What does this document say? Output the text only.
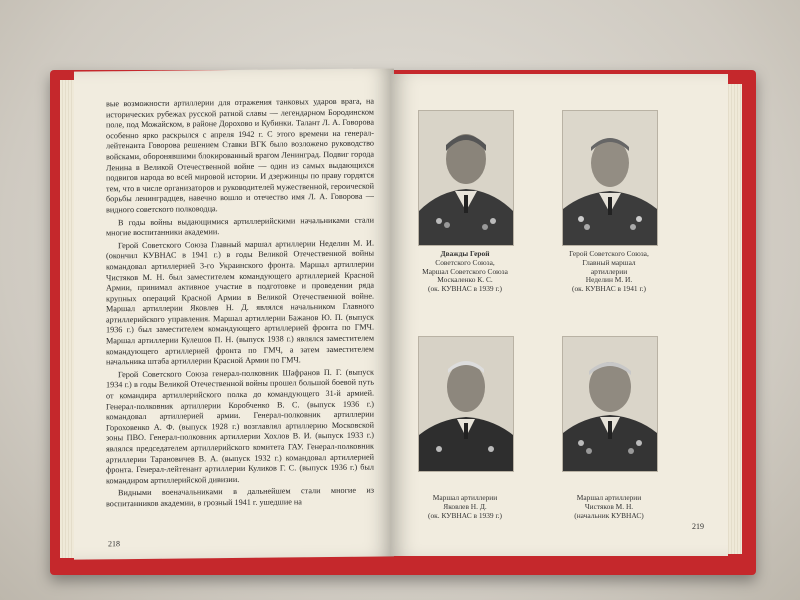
вые возможности артиллерии для отражения танковых ударов врага, на исторических рубежах русской ратной славы — легендарном Бородинском поле, под Можайском, в районе Дорохово и Кубинки. Талант Л. А. Говорова особенно ярко раскрылся с апреля 1942 г. С этого времени на генерал-лейтенанта Говорова решением Ставки ВГК было возложено руководство войсками, оборонявшими блокированный врагом Ленинград. Подвиг города Ленина в Великой Отечественной войне — один из самых выдающихся подвигов народа во всей мировой истории. И дзержинцы по праву гордятся тем, что в числе организаторов и руководителей мужественной, героической борьбы ленинградцев, навечно вошло и отечество имя Л. А. Говорова — видного советского полководца.

В годы войны выдающимися артиллерийскими начальниками стали многие воспитанники академии.

Герой Советского Союза Главный маршал артиллерии Неделин М. И. (окончил КУВНАС в 1941 г.) в годы Великой Отечественной войны командовал артиллерией 3-го Украинского фронта. Маршал артиллерии Чистяков М. Н. был заместителем командующего артиллерией Красной Армии, принимал активное участие в подготовке и проведении ряда крупных операций Красной Армии в Великой Отечественной войне. Маршал артиллерии Яковлев Н. Д. являлся начальником Главного артиллерийского управления. Маршал артиллерии Бажанов Ю. П. (выпуск 1936 г.) был заместителем командующего артиллерией фронта по ГМЧ. Маршал артиллерии Кулешов П. Н. (выпуск 1938 г.) являлся заместителем командующего артиллерией фронта по ГМЧ, а затем заместителем начальника штаба артиллерии Красной Армии по ГМЧ.

Герой Советского Союза генерал-полковник Шафранов П. Г. (выпуск 1934 г.) в годы Великой Отечественной войны прошел большой боевой путь от командира артиллерийского полка до командующего 31-й армией. Генерал-полковник артиллерии Коробченко В. С. (выпуск 1936 г.) командовал артиллерией армии. Генерал-полковник артиллерии Гороховенко А. Ф. (выпуск 1928 г.) возглавлял артиллерию Московской зоны ПВО. Генерал-полковник артиллерии Хохлов В. И. (выпуск 1933 г.) являлся председателем артиллерийского комитета ГАУ. Генерал-полковник артиллерии Тарановичев В. А. (выпуск 1932 г.) командовал артиллерией фронта. Генерал-лейтенант артиллерии Куликов Г. С. (выпуск 1936 г.) был командиром артиллерийской дивизии.

Видными военачальниками в дальнейшем стали многие из воспитанников академии, в грозный 1941 г. ушедшие на

218
Дважды Герой
Советского Союза,
Маршал Советского Союза
Москаленко К. С.
(ок. КУВНАС в 1939 г.)
Герой Советского Союза,
Главный маршал
артиллерии
Неделин М. И.
(ок. КУВНАС в 1941 г.)
Маршал артиллерии
Яковлев Н. Д.
(ок. КУВНАС в 1939 г.)
Маршал артиллерии
Чистяков М. Н.
(начальник КУВНАС)
219
